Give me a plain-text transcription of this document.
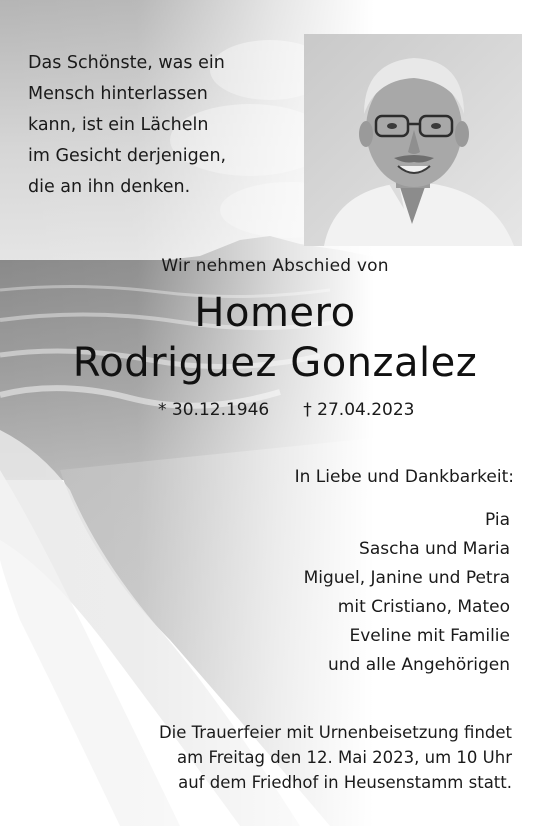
Das Schönste, was ein
Mensch hinterlassen
kann, ist ein Lächeln
im Gesicht derjenigen,
die an ihn denken.
Wir nehmen Abschied von
Homero
Rodriguez Gonzalez
* 30.12.1946 † 27.04.2023
In Liebe und Dankbarkeit:
Pia
Sascha und Maria
Miguel, Janine und Petra
mit Cristiano, Mateo
Eveline mit Familie
und alle Angehörigen
Die Trauerfeier mit Urnenbeisetzung findet
am Freitag den 12. Mai 2023, um 10 Uhr
auf dem Friedhof in Heusenstamm statt.
